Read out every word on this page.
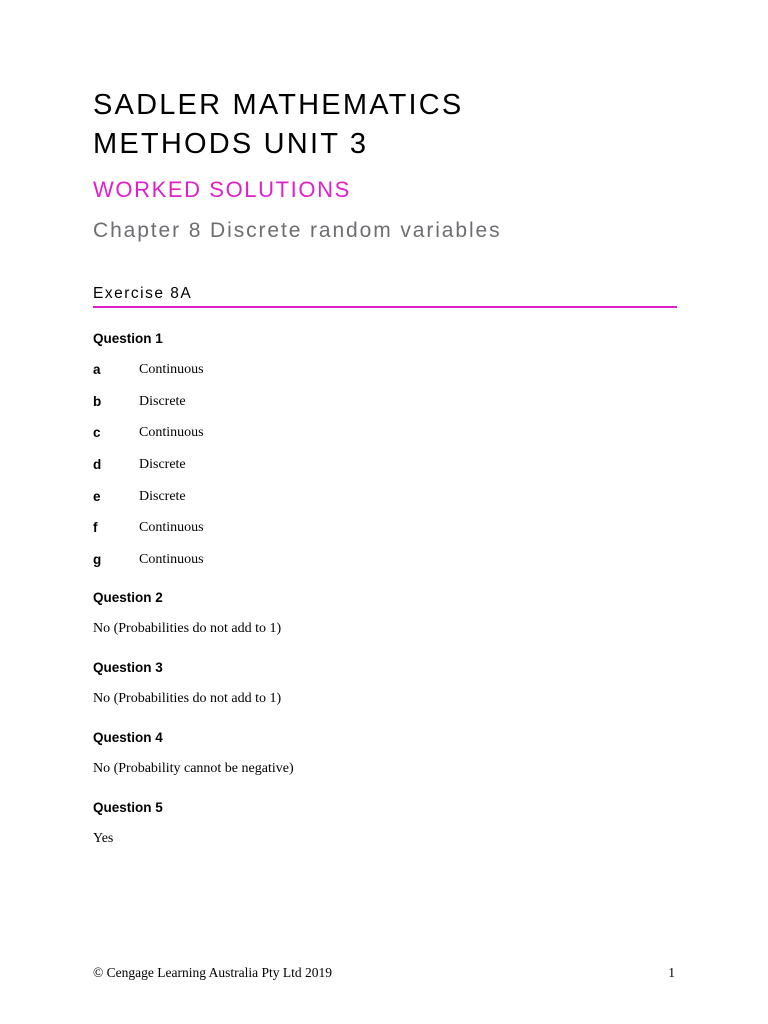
SADLER MATHEMATICS
METHODS UNIT 3
WORKED SOLUTIONS
Chapter 8 Discrete random variables
Exercise 8A
Question 1
a	Continuous
b	Discrete
c	Continuous
d	Discrete
e	Discrete
f	Continuous
g	Continuous
Question 2

No (Probabilities do not add to 1)

Question 3

No (Probabilities do not add to 1)

Question 4

No (Probability cannot be negative)

Question 5

Yes

© Cengage Learning Australia Pty Ltd 2019	1
